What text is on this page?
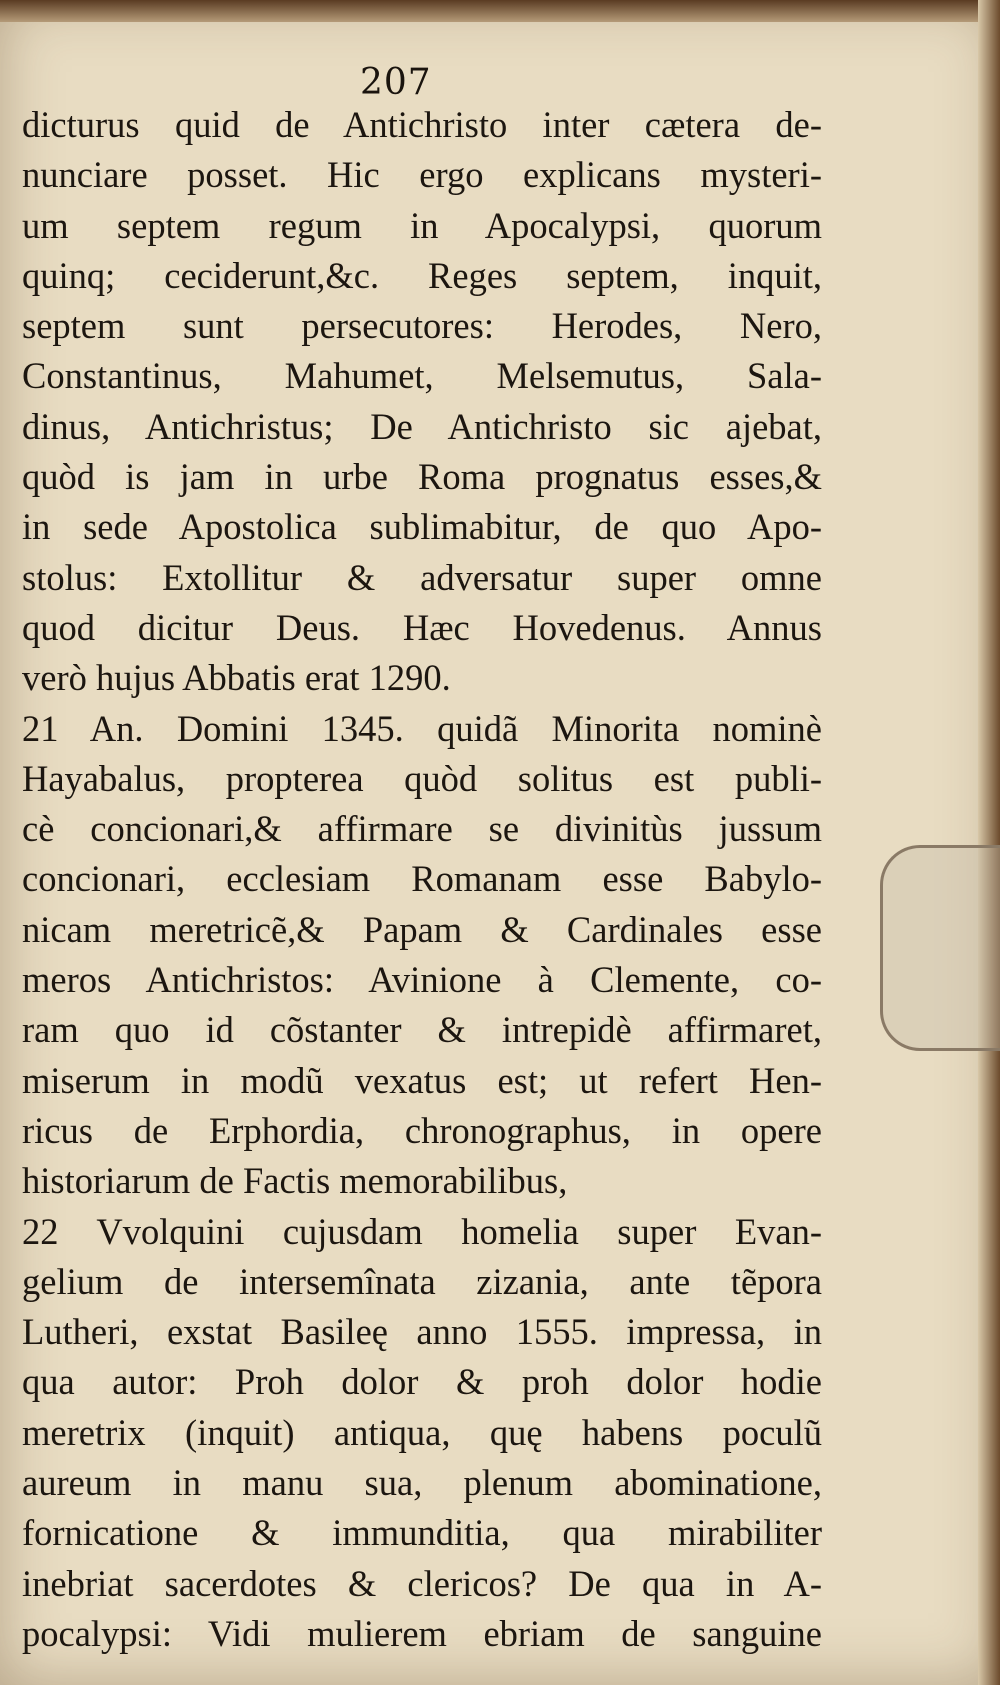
207
dicturus quid de Antichristo inter cætera de-
nunciare posset. Hic ergo explicans mysteri-
um septem regum in Apocalypsi, quorum
quinq; ceciderunt,&c. Reges septem, inquit,
septem sunt persecutores: Herodes, Nero,
Constantinus, Mahumet, Melsemutus, Sala-
dinus, Antichristus; De Antichristo sic ajebat,
quòd is jam in urbe Roma prognatus esses,&
in sede Apostolica sublimabitur, de quo Apo-
stolus: Extollitur & adversatur super omne
quod dicitur Deus. Hæc Hovedenus. Annus
verò hujus Abbatis erat 1290.
21 An. Domini 1345. quidã Minorita nominè
Hayabalus, propterea quòd solitus est publi-
cè concionari,& affirmare se divinitùs jussum
concionari, ecclesiam Romanam esse Babylo-
nicam meretricẽ,& Papam & Cardinales esse
meros Antichristos: Avinione à Clemente, co-
ram quo id cõstanter & intrepidè affirmaret,
miserum in modũ vexatus est; ut refert Hen-
ricus de Erphordia, chronographus, in opere
historiarum de Factis memorabilibus,
22 Vvolquini cujusdam homelia super Evan-
gelium de intersemînata zizania, ante tẽpora
Lutheri, exstat Basileę anno 1555. impressa, in
qua autor: Proh dolor & proh dolor hodie
meretrix (inquit) antiqua, quę habens poculũ
aureum in manu sua, plenum abominatione,
fornicatione & immunditia, qua mirabiliter
inebriat sacerdotes & clericos? De qua in A-
pocalypsi: Vidi mulierem ebriam de sanguine
